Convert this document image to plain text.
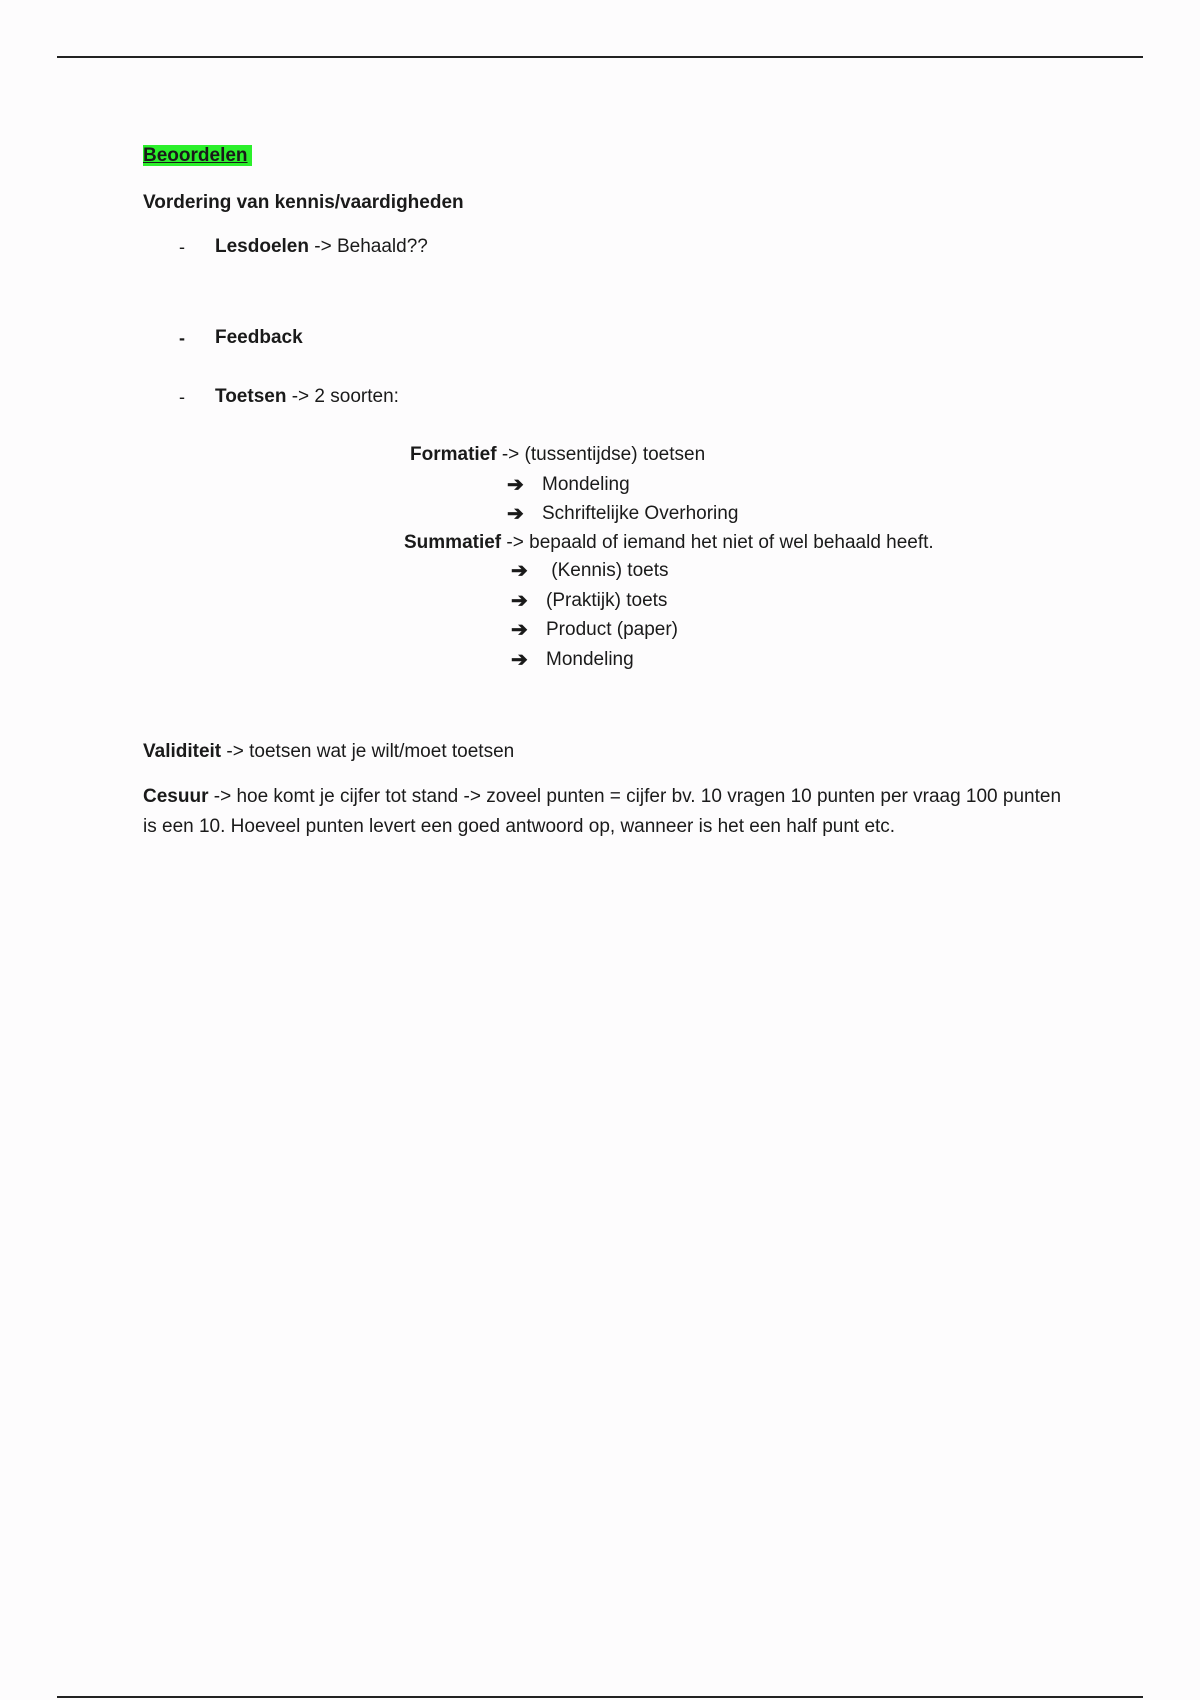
Beoordelen
Vordering van kennis/vaardigheden
- Lesdoelen -> Behaald??
- Feedback
- Toetsen -> 2 soorten:
Formatief -> (tussentijdse) toetsen
➔ Mondeling
➔ Schriftelijke Overhoring
Summatief -> bepaald of iemand het niet of wel behaald heeft.
➔ (Kennis) toets
➔ (Praktijk) toets
➔ Product (paper)
➔ Mondeling
Validiteit -> toetsen wat je wilt/moet toetsen
Cesuur -> hoe komt je cijfer tot stand -> zoveel punten = cijfer bv. 10 vragen 10 punten per vraag 100 punten is een 10. Hoeveel punten levert een goed antwoord op, wanneer is het een half punt etc.
